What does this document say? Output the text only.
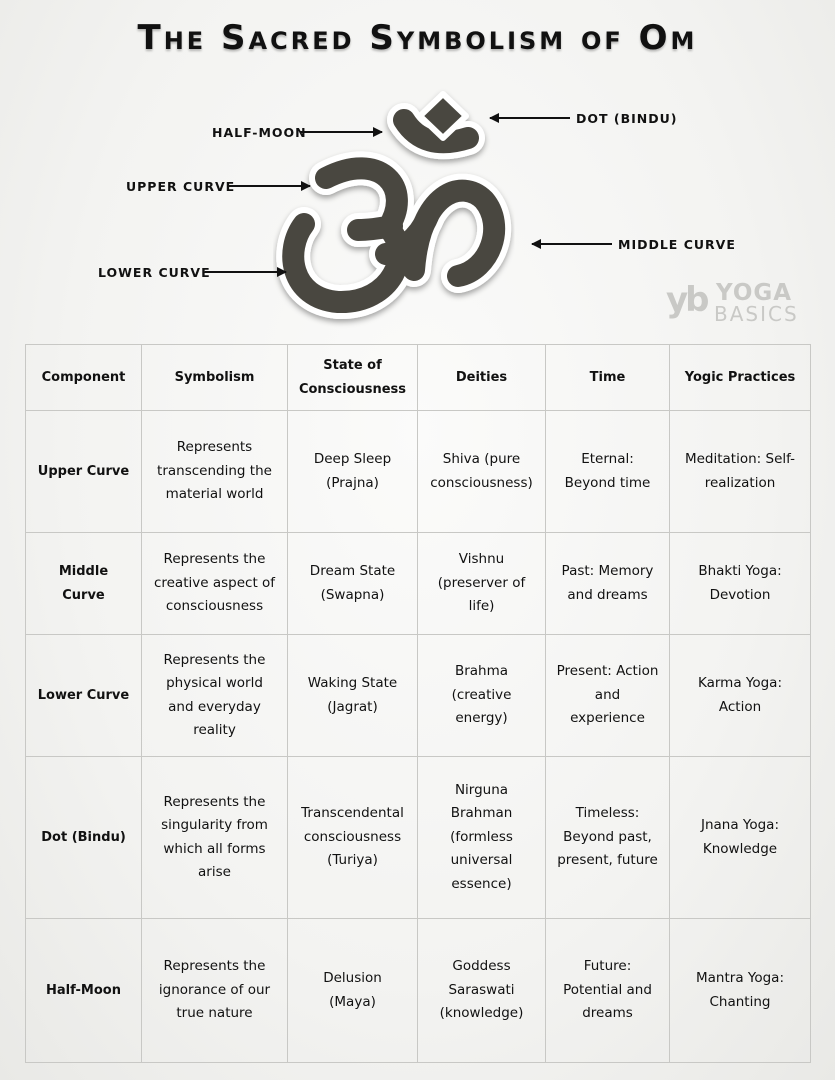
The Sacred Symbolism of Om
HALF-MOON
DOT (BINDU)
UPPER CURVE
MIDDLE CURVE
LOWER CURVE
yb YOGA
BASICS
Component	Symbolism	State of Consciousness	Deities	Time	Yogic Practices
Upper Curve	Represents transcending the material world	Deep Sleep (Prajna)	Shiva (pure consciousness)	Eternal: Beyond time	Meditation: Self-realization
Middle Curve	Represents the creative aspect of consciousness	Dream State (Swapna)	Vishnu (preserver of life)	Past: Memory and dreams	Bhakti Yoga: Devotion
Lower Curve	Represents the physical world and everyday reality	Waking State (Jagrat)	Brahma (creative energy)	Present: Action and experience	Karma Yoga: Action
Dot (Bindu)	Represents the singularity from which all forms arise	Transcendental consciousness (Turiya)	Nirguna Brahman (formless universal essence)	Timeless: Beyond past, present, future	Jnana Yoga: Knowledge
Half-Moon	Represents the ignorance of our true nature	Delusion (Maya)	Goddess Saraswati (knowledge)	Future: Potential and dreams	Mantra Yoga: Chanting
